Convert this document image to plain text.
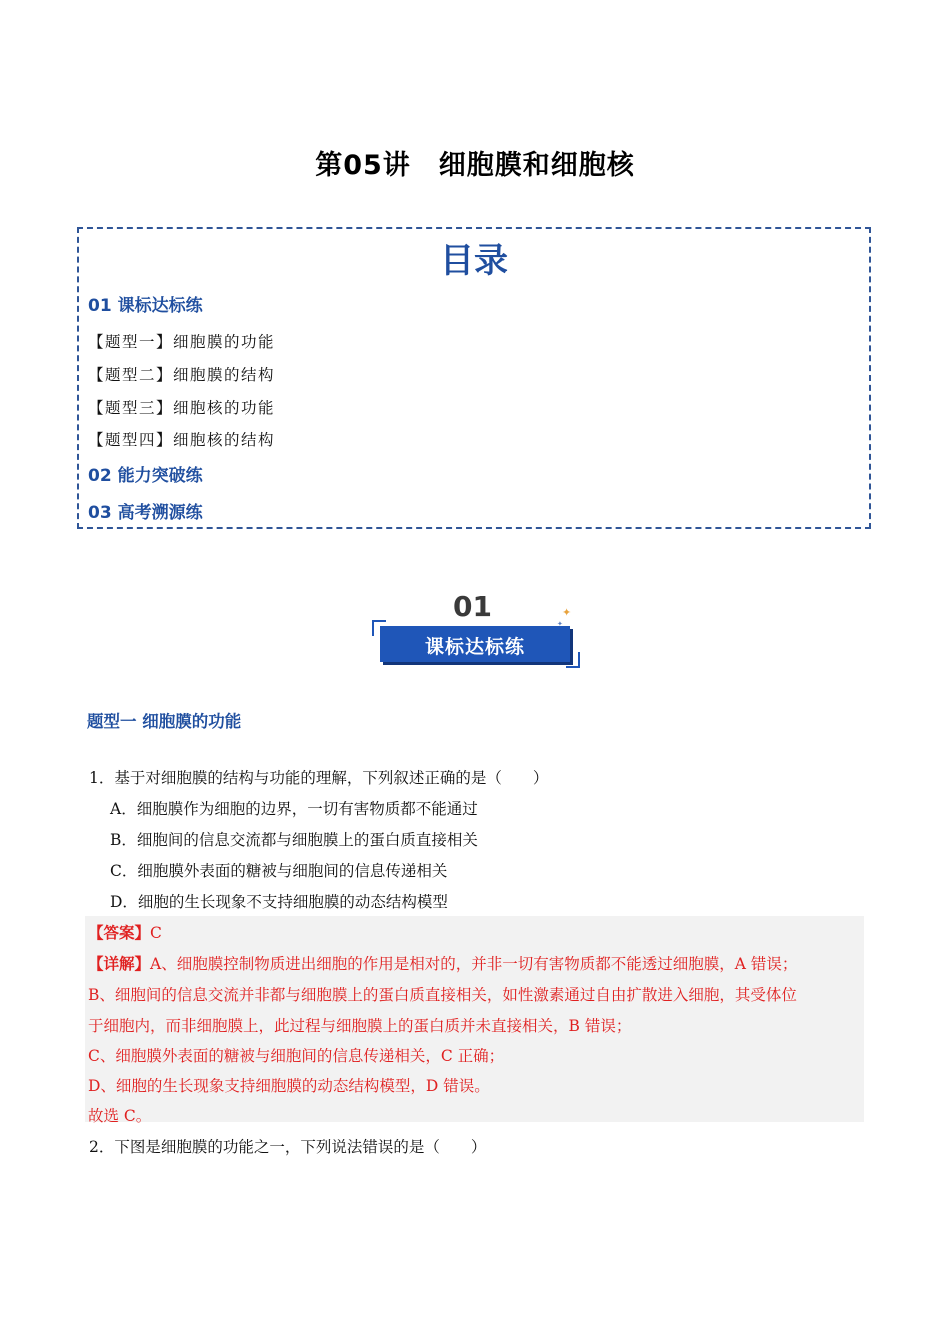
第05讲　细胞膜和细胞核
目录
01 课标达标练
【题型一】细胞膜的功能
【题型二】细胞膜的结构
【题型三】细胞核的功能
【题型四】细胞核的结构
02 能力突破练
03 高考溯源练
01
课标达标练
✦
✦
题型一 细胞膜的功能
1．基于对细胞膜的结构与功能的理解，下列叙述正确的是（　　）
A．细胞膜作为细胞的边界，一切有害物质都不能通过
B．细胞间的信息交流都与细胞膜上的蛋白质直接相关
C．细胞膜外表面的糖被与细胞间的信息传递相关
D．细胞的生长现象不支持细胞膜的动态结构模型
【答案】C
【详解】A、细胞膜控制物质进出细胞的作用是相对的，并非一切有害物质都不能透过细胞膜，A 错误；
B、细胞间的信息交流并非都与细胞膜上的蛋白质直接相关，如性激素通过自由扩散进入细胞，其受体位
于细胞内，而非细胞膜上，此过程与细胞膜上的蛋白质并未直接相关，B 错误；
C、细胞膜外表面的糖被与细胞间的信息传递相关，C 正确；
D、细胞的生长现象支持细胞膜的动态结构模型，D 错误。
故选 C。
2．下图是细胞膜的功能之一，下列说法错误的是（　　）
